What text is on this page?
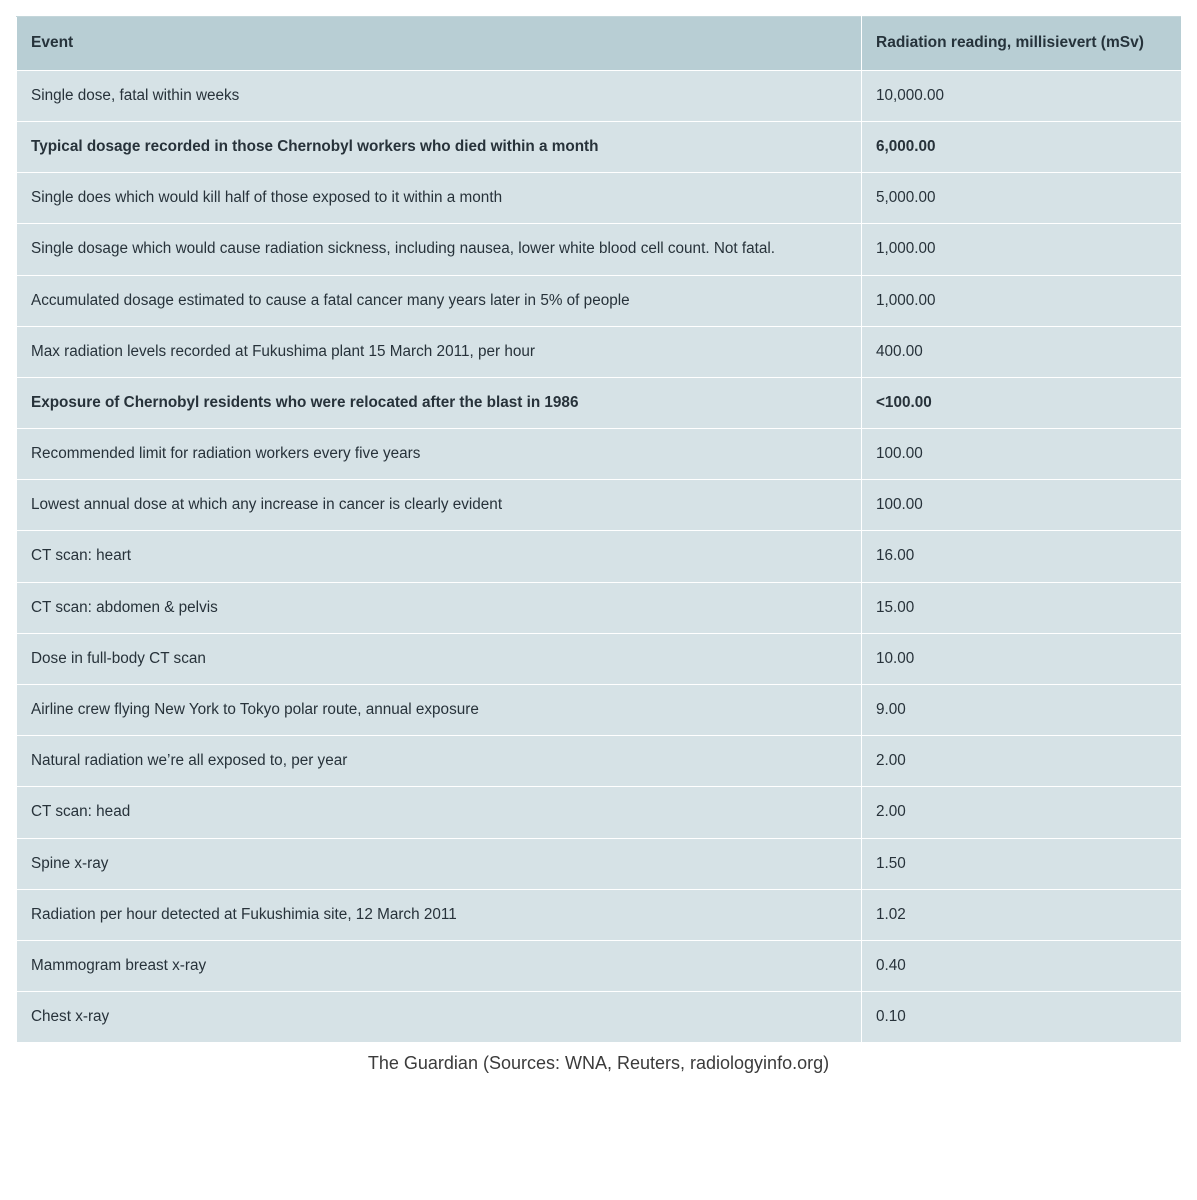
Event	Radiation reading, millisievert (mSv)
Single dose, fatal within weeks	10,000.00
Typical dosage recorded in those Chernobyl workers who died within a month	6,000.00
Single does which would kill half of those exposed to it within a month	5,000.00
Single dosage which would cause radiation sickness, including nausea, lower white blood cell count. Not fatal.	1,000.00
Accumulated dosage estimated to cause a fatal cancer many years later in 5% of people	1,000.00
Max radiation levels recorded at Fukushima plant 15 March 2011, per hour	400.00
Exposure of Chernobyl residents who were relocated after the blast in 1986	<100.00
Recommended limit for radiation workers every five years	100.00
Lowest annual dose at which any increase in cancer is clearly evident	100.00
CT scan: heart	16.00
CT scan: abdomen & pelvis	15.00
Dose in full-body CT scan	10.00
Airline crew flying New York to Tokyo polar route, annual exposure	9.00
Natural radiation we’re all exposed to, per year	2.00
CT scan: head	2.00
Spine x-ray	1.50
Radiation per hour detected at Fukushimia site, 12 March 2011	1.02
Mammogram breast x-ray	0.40
Chest x-ray	0.10
The Guardian (Sources: WNA, Reuters, radiologyinfo.org)
